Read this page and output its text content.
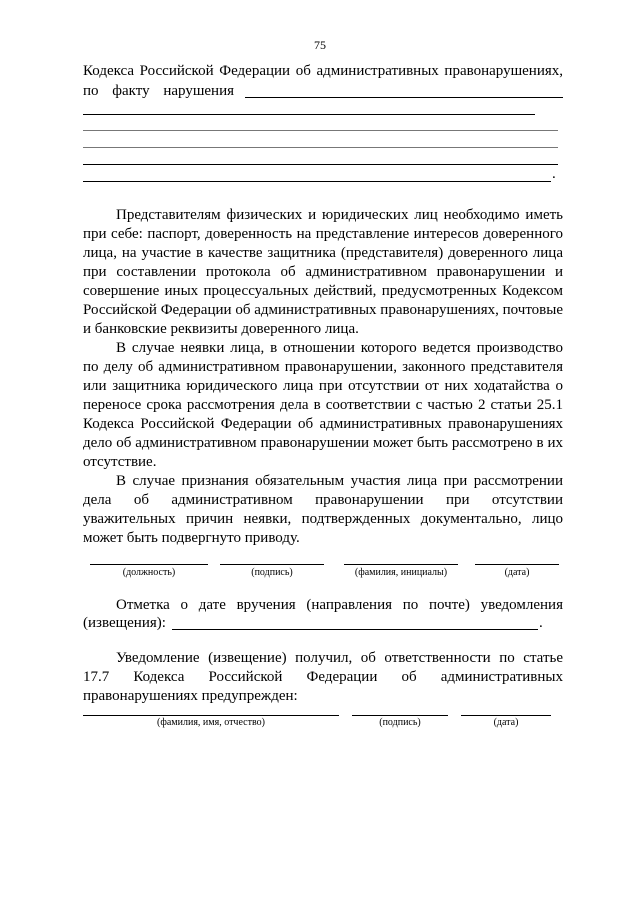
75
Кодекса Российской Федерации об административных правонарушениях,
по факту нарушения
.

Представителям физических и юридических лиц необходимо иметь при себе: паспорт, доверенность на представление интересов доверенного лица, на участие в качестве защитника (представителя) доверенного лица при составлении протокола об административном правонарушении и совершение иных процессуальных действий, предусмотренных Кодексом Российской Федерации об административных правонарушениях, почтовые и банковские реквизиты доверенного лица.

В случае неявки лица, в отношении которого ведется производство по делу об административном правонарушении, законного представителя или защитника юридического лица при отсутствии от них ходатайства о переносе срока рассмотрения дела в соответствии с частью 2 статьи 25.1 Кодекса Российской Федерации об административных правонарушениях дело об административном правонарушении может быть рассмотрено в их отсутствие.

В случае признания обязательным участия лица при рассмотрении дела об административном правонарушении при отсутствии уважительных причин неявки, подтвержденных документально, лицо может быть подвергнуто приводу.

(должность)	(подпись)	(фамилия, инициалы)	(дата)
Отметка о дате вручения (направления по почте) уведомления
(извещения):	.

Уведомление (извещение) получил, об ответственности по статье 17.7 Кодекса Российской Федерации об административных правонарушениях предупрежден:

(фамилия, имя, отчество)	(подпись)	(дата)
